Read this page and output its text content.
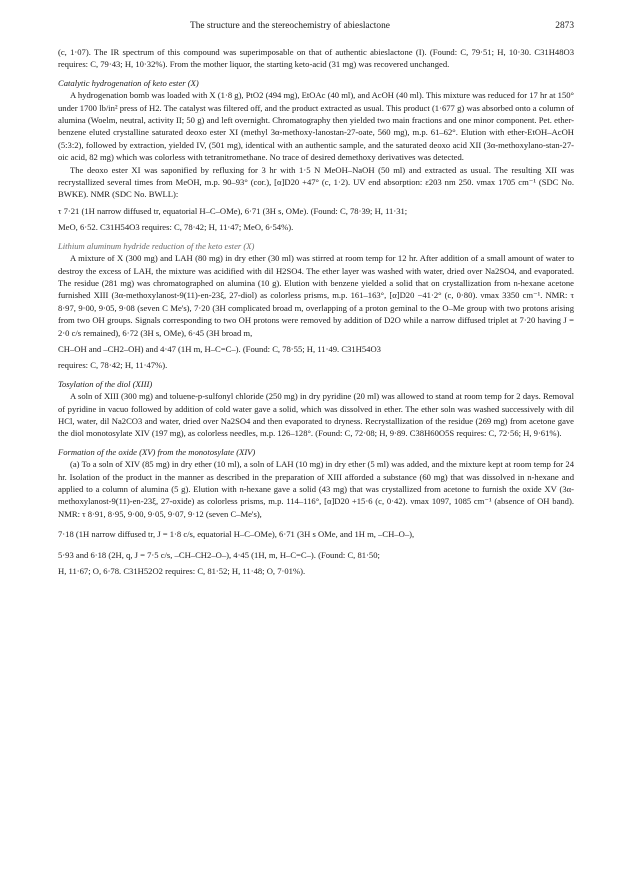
The structure and the stereochemistry of abieslactone	2873

(c, 1·07). The IR spectrum of this compound was superimposable on that of authentic abieslactone (I). (Found: C, 79·51; H, 10·30. C31H48O3 requires: C, 79·43; H, 10·32%). From the mother liquor, the starting keto-acid (31 mg) was recovered unchanged.

Catalytic hydrogenation of keto ester (X)

A hydrogenation bomb was loaded with X (1·8 g), PtO2 (494 mg), EtOAc (40 ml), and AcOH (40 ml). This mixture was reduced for 17 hr at 150° under 1700 lb/in² press of H2. The catalyst was filtered off, and the product extracted as usual. This product (1·677 g) was absorbed onto a column of alumina (Woelm, neutral, activity II; 50 g) and left overnight. Chromatography then yielded two main fractions and one minor component. Pet. ether-benzene eluted crystalline saturated deoxo ester XI (methyl 3α-methoxy-lanostan-27-oate, 560 mg), m.p. 61–62°. Elution with ether-EtOH–AcOH (5:3:2), followed by extraction, yielded IV, (501 mg), identical with an authentic sample, and the saturated deoxo acid XII (3α-methoxylano-stan-27-oic acid, 82 mg) which was colorless with tetranitromethane. No trace of desired demethoxy derivatives was detected.

The deoxo ester XI was saponified by refluxing for 3 hr with 1·5 N MeOH–NaOH (50 ml) and extracted as usual. The resulting XII was recrystallized several times from MeOH, m.p. 90–93° (cor.), [α]D20 +47° (c, 1·2). UV end absorption: ε203 nm 250. νmax 1705 cm⁻¹ (SDC No. BWKE). NMR (SDC No. BWLL):

τ 7·21 (1H narrow diffused tr, equatorial H–C–OMe), 6·71 (3H s, OMe). (Found: C, 78·39; H, 11·31;
MeO, 6·52. C31H54O3 requires: C, 78·42; H, 11·47; MeO, 6·54%).

Lithium aluminum hydride reduction of the keto ester (X)

A mixture of X (300 mg) and LAH (80 mg) in dry ether (30 ml) was stirred at room temp for 12 hr. After addition of a small amount of water to destroy the excess of LAH, the mixture was acidified with dil H2SO4. The ether layer was washed with water, dried over Na2SO4, and evaporated. The residue (281 mg) was chromatographed on alumina (10 g). Elution with benzene yielded a solid that on crystallization from n-hexane acetone furnished XIII (3α-methoxylanost-9(11)-en-23ξ, 27-diol) as colorless prisms, m.p. 161–163°, [α]D20 −41·2° (c, 0·80). νmax 3350 cm⁻¹. NMR: τ 8·97, 9·00, 9·05, 9·08 (seven C Me's), 7·20 (3H complicated broad m, overlapping of a proton geminal to the O–Me group with two protons arising from two OH groups. Signals corresponding to two OH protons were removed by addition of D2O while a narrow diffused triplet at 7·20 having J = 2·0 c/s remained), 6·72 (3H s, OMe), 6·45 (3H broad m,

CH–OH and –CH2–OH) and 4·47 (1H m, H–C=C–). (Found: C, 78·55; H, 11·49. C31H54O3

requires: C, 78·42; H, 11·47%).

Tosylation of the diol (XIII)

A soln of XIII (300 mg) and toluene-p-sulfonyl chloride (250 mg) in dry pyridine (20 ml) was allowed to stand at room temp for 2 days. Removal of pyridine in vacuo followed by addition of cold water gave a solid, which was dissolved in ether. The ether soln was washed successively with dil HCl, water, dil Na2CO3 and water, dried over Na2SO4 and then evaporated to dryness. Recrystallization of the residue (269 mg) from acetone gave the diol monotosylate XIV (197 mg), as colorless needles, m.p. 126–128°. (Found: C, 72·08; H, 9·89. C38H60O5S requires: C, 72·56; H, 9·61%).

Formation of the oxide (XV) from the monotosylate (XIV)

(a) To a soln of XIV (85 mg) in dry ether (10 ml), a soln of LAH (10 mg) in dry ether (5 ml) was added, and the mixture kept at room temp for 24 hr. Isolation of the product in the manner as described in the preparation of XIII afforded a substance (60 mg) that was dissolved in n-hexane and applied to a column of alumina (5 g). Elution with n-hexane gave a solid (43 mg) that was crystallized from acetone to furnish the oxide XV (3α-methoxylanost-9(11)-en-23ξ, 27-oxide) as colorless prisms, m.p. 114–116°, [α]D20 +15·6 (c, 0·42). νmax 1097, 1085 cm⁻¹ (absence of OH band). NMR: τ 8·91, 8·95, 9·00, 9·05, 9·07, 9·12 (seven C–Me's),

7·18 (1H narrow diffused tr, J = 1·8 c/s, equatorial H–C–OMe), 6·71 (3H s OMe, and 1H m, –CH–O–),
5·93 and 6·18 (2H, q, J = 7·5 c/s, –CH–CH2–O–), 4·45 (1H, m, H–C=C–). (Found: C, 81·50;

H, 11·67; O, 6·78. C31H52O2 requires: C, 81·52; H, 11·48; O, 7·01%).
